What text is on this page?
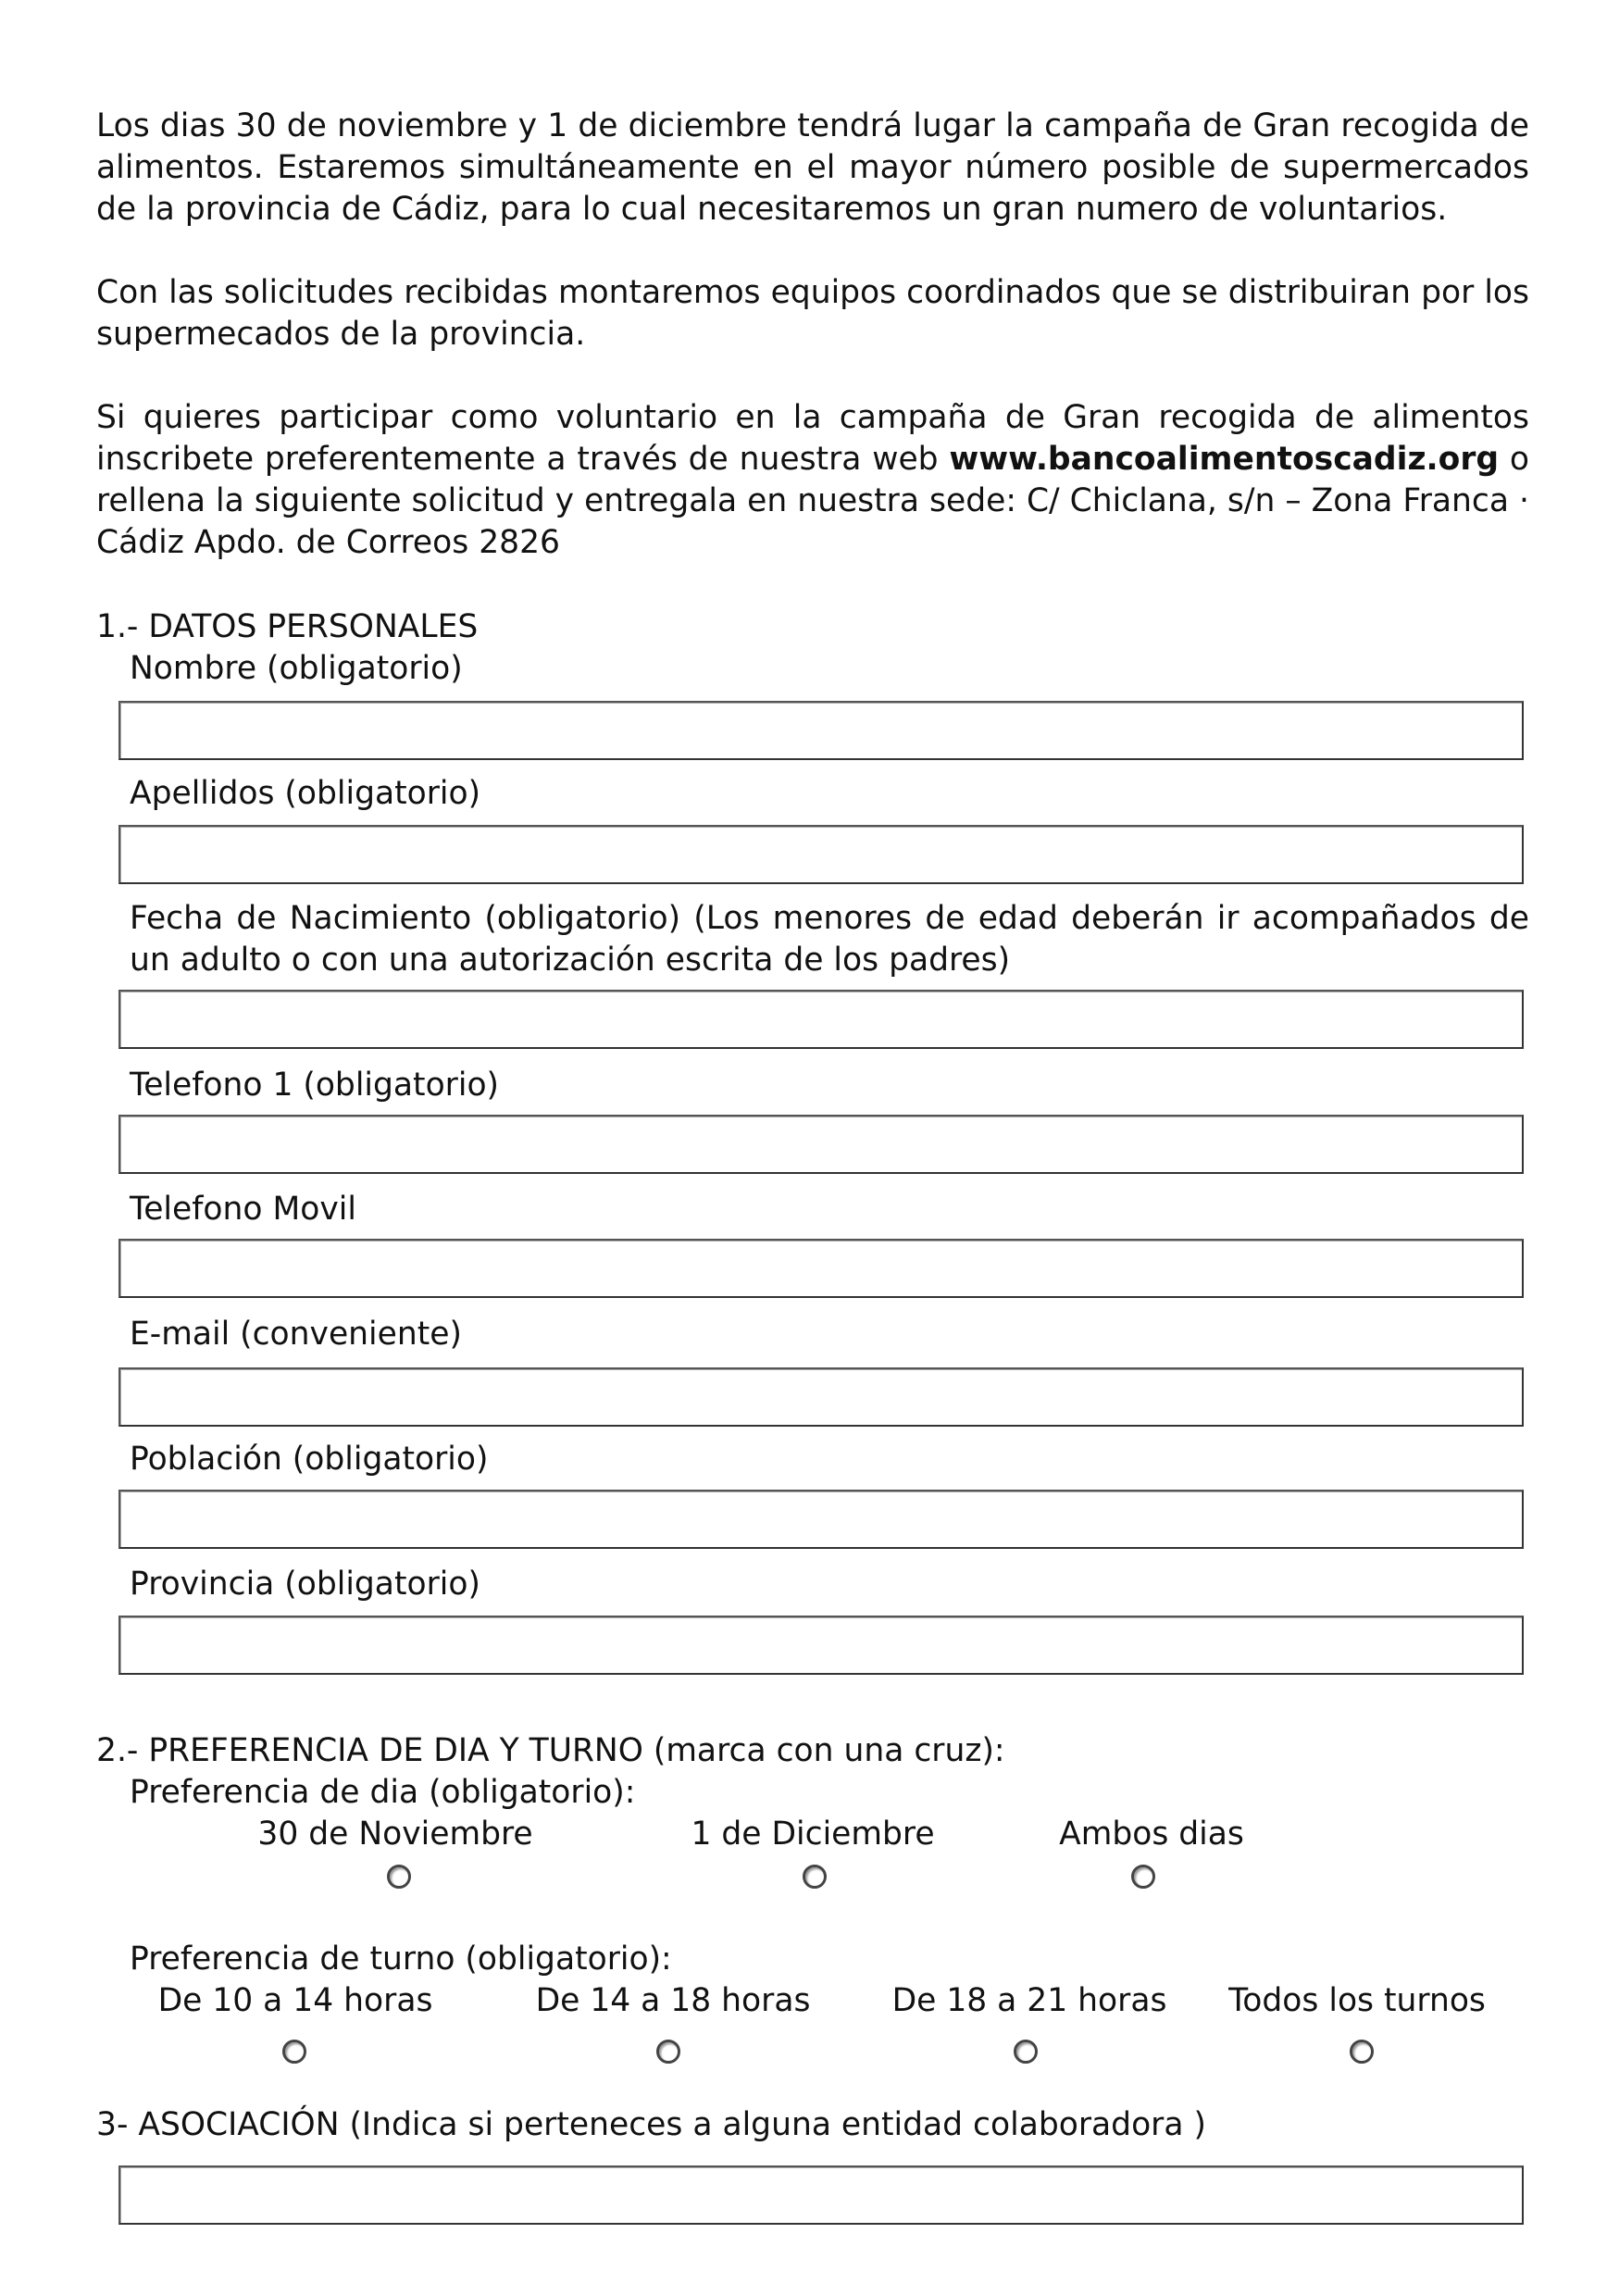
Los dias 30 de noviembre y 1 de diciembre tendrá lugar la campaña de Gran recogida de alimentos. Estaremos simultáneamente en el mayor número posible de supermercados de la provincia de Cádiz, para lo cual necesitaremos un gran numero de voluntarios.

Con las solicitudes recibidas montaremos equipos coordinados que se distribuiran por los supermecados de la provincia.

Si quieres participar como voluntario en la campaña de Gran recogida de alimentos inscribete preferentemente a través de nuestra web www.bancoalimentoscadiz.org o rellena la siguiente solicitud y entregala en nuestra sede: C/ Chiclana, s/n – Zona Franca · Cádiz Apdo. de Correos 2826

1.- DATOS PERSONALES

Nombre (obligatorio)

Apellidos (obligatorio)

Fecha de Nacimiento (obligatorio) (Los menores de edad deberán ir acompañados de un adulto o con una autorización escrita de los padres)

Telefono 1 (obligatorio)

Telefono Movil

E-mail (conveniente)

Población (obligatorio)

Provincia (obligatorio)

2.- PREFERENCIA DE DIA Y TURNO (marca con una cruz):

Preferencia de dia (obligatorio):

30 de Noviembre	1 de Diciembre	Ambos dias

Preferencia de turno (obligatorio):

De 10 a 14 horas	De 14 a 18 horas	De 18 a 21 horas Todos los turnos

3- ASOCIACIÓN (Indica si perteneces a alguna entidad colaboradora )
